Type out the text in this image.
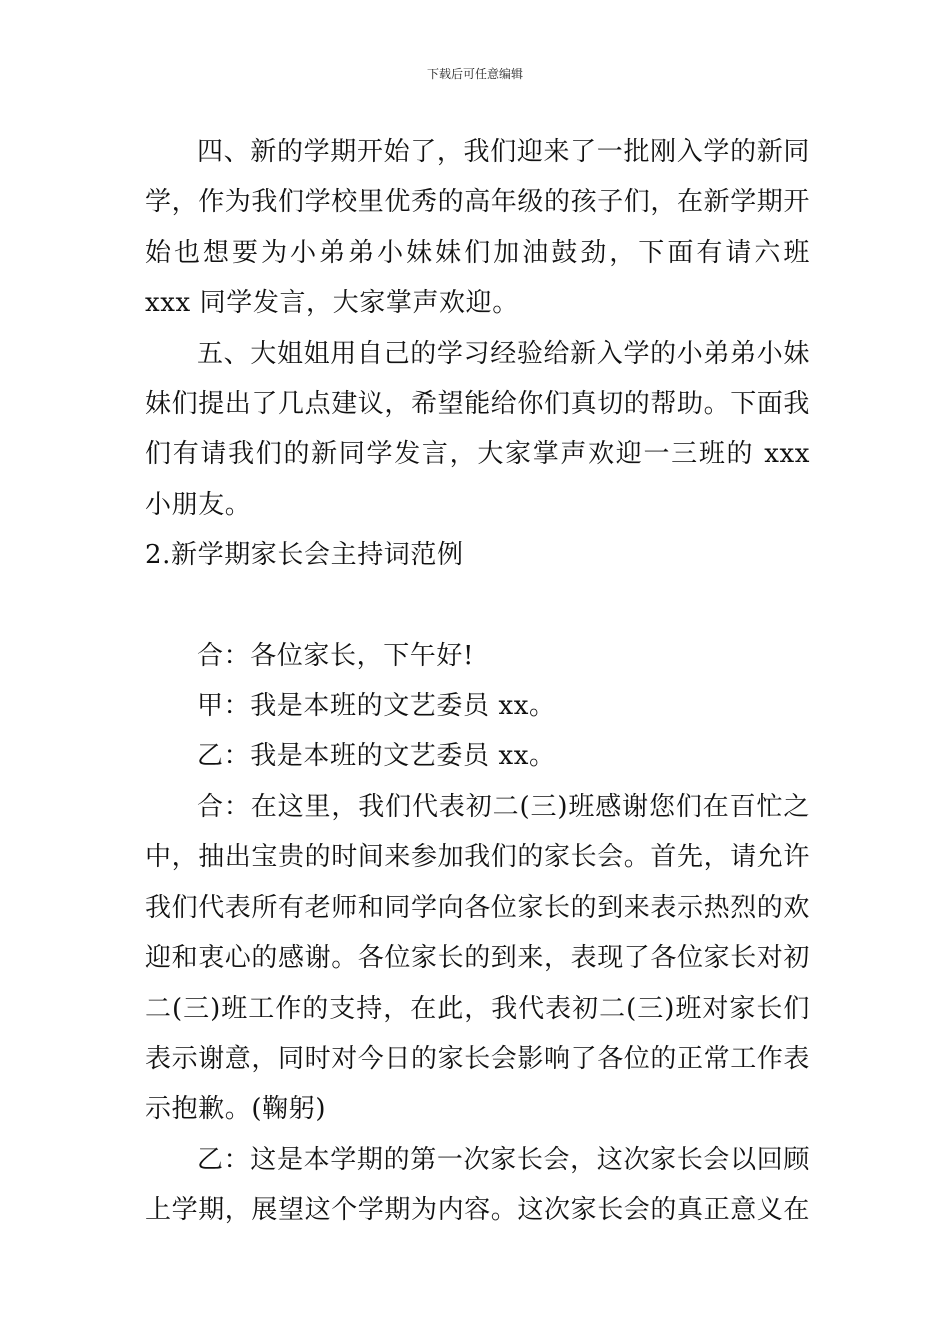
下载后可任意编辑

四、新的学期开始了，我们迎来了一批刚入学的新同学，作为我们学校里优秀的高年级的孩子们，在新学期开始也想要为小弟弟小妹妹们加油鼓劲，下面有请六班 xxx 同学发言，大家掌声欢迎。

五、大姐姐用自己的学习经验给新入学的小弟弟小妹妹们提出了几点建议，希望能给你们真切的帮助。下面我们有请我们的新同学发言，大家掌声欢迎一三班的 xxx 小朋友。

2.新学期家长会主持词范例

合：各位家长，下午好!

甲：我是本班的文艺委员 xx。

乙：我是本班的文艺委员 xx。

合：在这里，我们代表初二(三)班感谢您们在百忙之中，抽出宝贵的时间来参加我们的家长会。首先，请允许我们代表所有老师和同学向各位家长的到来表示热烈的欢迎和衷心的感谢。各位家长的到来，表现了各位家长对初二(三)班工作的支持，在此，我代表初二(三)班对家长们表示谢意，同时对今日的家长会影响了各位的正常工作表示抱歉。(鞠躬)

乙：这是本学期的第一次家长会，这次家长会以回顾上学期，展望这个学期为内容。这次家长会的真正意义在
